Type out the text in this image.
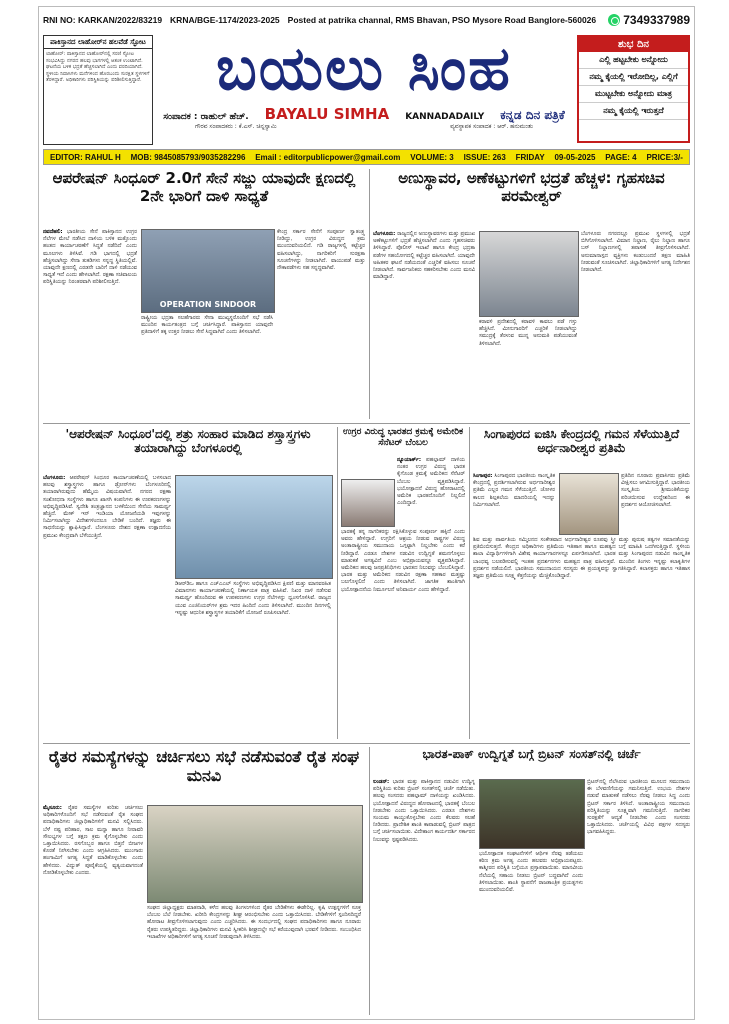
RNI NO: KARKAN/2022/83219 KRNA/BGE-1174/2023-2025 Posted at patrika channal, RMS Bhavan, PSO Mysore Road Banglore-560026 7349337989
ಪಾಕಿಸ್ತಾನದ ಲಾಹೋರ್‌ನ ಹಲವೆಡೆ ಸ್ಫೋಟ
ಲಾಹೋರ್: ಪಾಕಿಸ್ತಾನದ ಲಾಹೋರ್‌ನಲ್ಲಿ ಸರಣಿ ಸ್ಫೋಟ ಸಂಭವಿಸಿದ್ದು ನಗರದ ಹಲವು ಭಾಗಗಳಲ್ಲಿ ಆತಂಕ ಉಂಟಾಗಿದೆ. ಘಟನೆಯ ಬಳಿಕ ಭದ್ರತೆ ಹೆಚ್ಚಿಸಲಾಗಿದೆ ಎಂದು ವರದಿಯಾಗಿದೆ. ಸ್ಥಳೀಯ ನಿವಾಸಿಗಳು ಮನೆಗಳಿಂದ ಹೊರಬಂದು ಸುರಕ್ಷಿತ ಸ್ಥಳಗಳಿಗೆ ತೆರಳಿದ್ದಾರೆ. ಅಧಿಕಾರಿಗಳು ಪರಿಸ್ಥಿತಿಯನ್ನು ಪರಿಶೀಲಿಸುತ್ತಿದ್ದಾರೆ.	ಬಯಲು ಸಿಂಹ
ಸಂಪಾದಕ : ರಾಹುಲ್ ಹೆಚ್. BAYALU SIMHA KANNADADAILY ಕನ್ನಡ ದಿನ ಪತ್ರಿಕೆ
ಗೌರವ ಸಂಪಾದಕರು : ಕೆ.ಎಸ್. ಚಿನ್ನಸ್ವಾಮಿ	ವ್ಯವಸ್ಥಾಪಕ ಸಂಪಾದಕ : ಆರ್. ಹನುಮಂತು
ಶುಭ ದಿನ
ಎಲ್ಲಿ ಹಟ್ಟಬೇಕು ಅನ್ನೋದು
ನಮ್ಮ ಕೈಯಲ್ಲಿ ಇರೋದಿಲ್ಲ, ಎಲ್ಲಿಗೆ
ಮುಟ್ಟಬೇಕು ಅನ್ನೋದು ಮಾತ್ರ
ನಮ್ಮ ಕೈಯಲ್ಲಿ ಇರುತ್ತದೆ
EDITOR: RAHUL H MOB: 9845085793/9035282296 Email : editorpublicpower@gmail.com VOLUME: 3 ISSUE: 263 FRIDAY 09-05-2025 PAGE: 4 PRICE:3/-
ಆಪರೇಷನ್ ಸಿಂಧೂರ್ 2.0ಗೆ ಸೇನೆ ಸಜ್ಜು ಯಾವುದೇ ಕ್ಷಣದಲ್ಲಿ 2ನೇ ಭಾರಿಗೆ ದಾಳಿ ಸಾಧ್ಯತೆ
OPERATION SINDOOR
ನವದೆಹಲಿ: ಭಾರತೀಯ ಸೇನೆ ಪಾಕಿಸ್ತಾನದ ಉಗ್ರರ ನೆಲೆಗಳ ಮೇಲೆ ನಡೆಸಿದ ದಾಳಿಯ ಬಳಿಕ ಮತ್ತೊಂದು ಹಂತದ ಕಾರ್ಯಾಚರಣೆಗೆ ಸಿದ್ಧತೆ ನಡೆದಿದೆ ಎಂದು ಮೂಲಗಳು ತಿಳಿಸಿವೆ. ಗಡಿ ಭಾಗದಲ್ಲಿ ಭದ್ರತೆ ಹೆಚ್ಚಿಸಲಾಗಿದ್ದು ಸೇನಾ ತುಕಡಿಗಳು ಸನ್ನದ್ಧ ಸ್ಥಿತಿಯಲ್ಲಿವೆ. ಯಾವುದೇ ಕ್ಷಣದಲ್ಲಿ ಎರಡನೇ ಬಾರಿಗೆ ದಾಳಿ ನಡೆಯುವ ಸಾಧ್ಯತೆ ಇದೆ ಎಂದು ಹೇಳಲಾಗಿದೆ. ರಕ್ಷಣಾ ಸಚಿವಾಲಯ ಪರಿಸ್ಥಿತಿಯನ್ನು ನಿರಂತರವಾಗಿ ಪರಿಶೀಲಿಸುತ್ತಿದೆ.
ಕೇಂದ್ರ ಸರ್ಕಾರ ಸೇನೆಗೆ ಸಂಪೂರ್ಣ ಸ್ವಾತಂತ್ರ್ಯ ನೀಡಿದ್ದು, ಉಗ್ರರ ವಿರುದ್ಧದ ಕ್ರಮ ಮುಂದುವರಿಯಲಿದೆ. ಗಡಿ ರಾಜ್ಯಗಳಲ್ಲಿ ಕಟ್ಟೆಚ್ಚರ ವಹಿಸಲಾಗಿದ್ದು, ನಾಗರಿಕರಿಗೆ ಸುರಕ್ಷತಾ ಸೂಚನೆಗಳನ್ನು ನೀಡಲಾಗಿದೆ. ವಾಯುಪಡೆ ಮತ್ತು ನೌಕಾಪಡೆಗಳು ಸಹ ಸನ್ನದ್ಧವಾಗಿವೆ.
ರಾಷ್ಟ್ರೀಯ ಭದ್ರತಾ ಸಲಹೆಗಾರರು ಸೇನಾ ಮುಖ್ಯಸ್ಥರೊಂದಿಗೆ ಸಭೆ ನಡೆಸಿ ಮುಂದಿನ ಕಾರ್ಯತಂತ್ರದ ಬಗ್ಗೆ ಚರ್ಚಿಸಿದ್ದಾರೆ. ಪಾಕಿಸ್ತಾನದ ಯಾವುದೇ ಪ್ರತಿದಾಳಿಗೆ ತಕ್ಕ ಉತ್ತರ ನೀಡಲು ಸೇನೆ ಸಿದ್ಧವಾಗಿದೆ ಎಂದು ತಿಳಿಸಲಾಗಿದೆ.
ಅಣುಸ್ಥಾವರ, ಅಣೆಕಟ್ಟುಗಳಿಗೆ ಭದ್ರತೆ ಹೆಚ್ಚಳ: ಗೃಹಸಚಿವ ಪರಮೇಶ್ವರ್
ಬೆಂಗಳೂರು: ರಾಜ್ಯದಲ್ಲಿನ ಅಣುಸ್ಥಾವರಗಳು ಮತ್ತು ಪ್ರಮುಖ ಅಣೆಕಟ್ಟುಗಳಿಗೆ ಭದ್ರತೆ ಹೆಚ್ಚಿಸಲಾಗಿದೆ ಎಂದು ಗೃಹಸಚಿವರು ತಿಳಿಸಿದ್ದಾರೆ. ಪೊಲೀಸ್ ಇಲಾಖೆ ಹಾಗೂ ಕೇಂದ್ರ ಭದ್ರತಾ ಪಡೆಗಳ ಸಹಯೋಗದಲ್ಲಿ ಕಟ್ಟೆಚ್ಚರ ವಹಿಸಲಾಗಿದೆ. ಯಾವುದೇ ಅಹಿತಕರ ಘಟನೆ ನಡೆಯದಂತೆ ಎಚ್ಚರಿಕೆ ವಹಿಸಲು ಸೂಚನೆ ನೀಡಲಾಗಿದೆ. ಸಾರ್ವಜನಿಕರು ಸಹಕರಿಸಬೇಕು ಎಂದು ಮನವಿ ಮಾಡಿದ್ದಾರೆ.
ಬೆಂಗಳೂರು ನಗರದಲ್ಲೂ ಪ್ರಮುಖ ಸ್ಥಳಗಳಲ್ಲಿ ಭದ್ರತೆ ಬಿಗಿಗೊಳಿಸಲಾಗಿದೆ. ವಿಮಾನ ನಿಲ್ದಾಣ, ರೈಲು ನಿಲ್ದಾಣ ಹಾಗೂ ಬಸ್ ನಿಲ್ದಾಣಗಳಲ್ಲಿ ತಪಾಸಣೆ ತೀವ್ರಗೊಳಿಸಲಾಗಿದೆ. ಅನುಮಾನಾಸ್ಪದ ವ್ಯಕ್ತಿಗಳು ಕಂಡುಬಂದರೆ ತಕ್ಷಣ ಮಾಹಿತಿ ನೀಡುವಂತೆ ಸೂಚಿಸಲಾಗಿದೆ. ಜಿಲ್ಲಾಧಿಕಾರಿಗಳಿಗೆ ಅಗತ್ಯ ನಿರ್ದೇಶನ ನೀಡಲಾಗಿದೆ.
ಕರಾವಳಿ ಪ್ರದೇಶದಲ್ಲಿ ಕರಾವಳಿ ಕಾವಲು ಪಡೆ ಗಸ್ತು ಹೆಚ್ಚಿಸಿದೆ. ಮೀನುಗಾರರಿಗೆ ಎಚ್ಚರಿಕೆ ನೀಡಲಾಗಿದ್ದು ಸಮುದ್ರಕ್ಕೆ ತೆರಳುವ ಮುನ್ನ ಅನುಮತಿ ಪಡೆಯುವಂತೆ ತಿಳಿಸಲಾಗಿದೆ.
'ಆಪರೇಷನ್ ಸಿಂಧೂರ'ದಲ್ಲಿ ಶತ್ರು ಸಂಹಾರ ಮಾಡಿದ ಶಸ್ತ್ರಾಸ್ತ್ರಗಳು ತಯಾರಾಗಿದ್ದು ಬೆಂಗಳೂರಲ್ಲಿ
ಬೆಂಗಳೂರು: ಆಪರೇಷನ್ ಸಿಂಧೂರ ಕಾರ್ಯಾಚರಣೆಯಲ್ಲಿ ಬಳಸಲಾದ ಹಲವು ಶಸ್ತ್ರಾಸ್ತ್ರಗಳು ಹಾಗೂ ಡ್ರೋನ್‌ಗಳು ಬೆಂಗಳೂರಿನಲ್ಲಿ ತಯಾರಾಗಿರುವುದು ಹೆಮ್ಮೆಯ ವಿಷಯವಾಗಿದೆ. ನಗರದ ರಕ್ಷಣಾ ಸಂಶೋಧನಾ ಸಂಸ್ಥೆಗಳು ಹಾಗೂ ಖಾಸಗಿ ಕಂಪನಿಗಳು ಈ ಉಪಕರಣಗಳನ್ನು ಅಭಿವೃದ್ಧಿಪಡಿಸಿವೆ. ಸ್ವದೇಶಿ ತಂತ್ರಜ್ಞಾನದ ಬಳಕೆಯಿಂದ ಸೇನೆಯ ಸಾಮರ್ಥ್ಯ ಹೆಚ್ಚಿದೆ. ಮೇಕ್ ಇನ್ ಇಂಡಿಯಾ ಯೋಜನೆಯಡಿ ಇವುಗಳನ್ನು ನಿರ್ಮಿಸಲಾಗಿದ್ದು ವಿದೇಶಗಳಿಂದಲೂ ಬೇಡಿಕೆ ಬಂದಿದೆ. ತಜ್ಞರು ಈ ಸಾಧನೆಯನ್ನು ಶ್ಲಾಘಿಸಿದ್ದಾರೆ. ಬೆಂಗಳೂರು ದೇಶದ ರಕ್ಷಣಾ ಉತ್ಪಾದನೆಯ ಪ್ರಮುಖ ಕೇಂದ್ರವಾಗಿ ಬೆಳೆಯುತ್ತಿದೆ.
ಡಿಆರ್‌ಡಿಒ ಹಾಗೂ ಎಚ್‌ಎಎಲ್ ಸಂಸ್ಥೆಗಳು ಅಭಿವೃದ್ಧಿಪಡಿಸಿದ ಕ್ಷಿಪಣಿ ಮತ್ತು ಮಾನವರಹಿತ ವಿಮಾನಗಳು ಕಾರ್ಯಾಚರಣೆಯಲ್ಲಿ ನಿರ್ಣಾಯಕ ಪಾತ್ರ ವಹಿಸಿವೆ. ನಿಖರ ದಾಳಿ ನಡೆಸುವ ಸಾಮರ್ಥ್ಯ ಹೊಂದಿರುವ ಈ ಉಪಕರಣಗಳು ಉಗ್ರರ ನೆಲೆಗಳನ್ನು ಧ್ವಂಸಗೊಳಿಸಿವೆ. ರಾಜ್ಯದ ಯುವ ಎಂಜಿನಿಯರ್‌ಗಳ ಶ್ರಮ ಇದರ ಹಿಂದಿದೆ ಎಂದು ತಿಳಿಸಲಾಗಿದೆ. ಮುಂದಿನ ದಿನಗಳಲ್ಲಿ ಇನ್ನಷ್ಟು ಆಧುನಿಕ ಶಸ್ತ್ರಾಸ್ತ್ರಗಳ ತಯಾರಿಕೆಗೆ ಯೋಜನೆ ರೂಪಿಸಲಾಗಿದೆ.
ಉಗ್ರರ ವಿರುದ್ಧ ಭಾರತದ ಕ್ರಮಕ್ಕೆ ಅಮೇರಿಕ ಸೆನೆಟರ್ ಬೆಂಬಲ
ನ್ಯೂಯಾರ್ಕ್: ಪಹಲ್ಗಾಮ್ ದಾಳಿಯ ನಂತರ ಉಗ್ರರ ವಿರುದ್ಧ ಭಾರತ ಕೈಗೊಂಡ ಕ್ರಮಕ್ಕೆ ಅಮೆರಿಕದ ಸೆನೆಟರ್ ಬೆಂಬಲ ವ್ಯಕ್ತಪಡಿಸಿದ್ದಾರೆ. ಭಯೋತ್ಪಾದನೆ ವಿರುದ್ಧ ಹೋರಾಟದಲ್ಲಿ ಅಮೆರಿಕ ಭಾರತದೊಂದಿಗೆ ನಿಲ್ಲಲಿದೆ ಎಂದಿದ್ದಾರೆ.
ಭಾರತಕ್ಕೆ ತನ್ನ ನಾಗರಿಕರನ್ನು ರಕ್ಷಿಸಿಕೊಳ್ಳುವ ಸಂಪೂರ್ಣ ಹಕ್ಕಿದೆ ಎಂದು ಅವರು ಹೇಳಿದ್ದಾರೆ. ಉಗ್ರರಿಗೆ ಆಶ್ರಯ ನೀಡುವ ರಾಷ್ಟ್ರಗಳ ವಿರುದ್ಧ ಅಂತಾರಾಷ್ಟ್ರೀಯ ಸಮುದಾಯ ಒಗ್ಗಟ್ಟಾಗಿ ನಿಲ್ಲಬೇಕು ಎಂದು ಕರೆ ನೀಡಿದ್ದಾರೆ. ಎರಡೂ ದೇಶಗಳ ನಡುವಿನ ಉದ್ವಿಗ್ನತೆ ಶಮನಗೊಳ್ಳಲು ಮಾತುಕತೆ ಅಗತ್ಯವಿದೆ ಎಂಬ ಅಭಿಪ್ರಾಯವನ್ನೂ ವ್ಯಕ್ತಪಡಿಸಿದ್ದಾರೆ. ಅಮೆರಿಕದ ಹಲವು ಜನಪ್ರತಿನಿಧಿಗಳು ಭಾರತದ ನಿಲುವನ್ನು ಬೆಂಬಲಿಸಿದ್ದಾರೆ. ಭಾರತ ಮತ್ತು ಅಮೆರಿಕದ ನಡುವಿನ ರಕ್ಷಣಾ ಸಹಕಾರ ಮತ್ತಷ್ಟು ಬಲಗೊಳ್ಳಲಿದೆ ಎಂದು ತಿಳಿಸಲಾಗಿದೆ. ಜಾಗತಿಕ ಶಾಂತಿಗಾಗಿ ಭಯೋತ್ಪಾದನೆಯ ನಿರ್ಮೂಲನೆ ಅನಿವಾರ್ಯ ಎಂದು ಹೇಳಿದ್ದಾರೆ.
ಸಿಂಗಾಪುರದ ಐಜಿಸಿ ಕೇಂದ್ರದಲ್ಲಿ ಗಮನ ಸೆಳೆಯುತ್ತಿದೆ ಅರ್ಧನಾರೀಶ್ವರ ಪ್ರತಿಮೆ
ಸಿಂಗಾಪುರ: ಸಿಂಗಾಪುರದ ಭಾರತೀಯ ಸಾಂಸ್ಕೃತಿಕ ಕೇಂದ್ರದಲ್ಲಿ ಪ್ರದರ್ಶಿಸಲಾಗಿರುವ ಅರ್ಧನಾರೀಶ್ವರ ಪ್ರತಿಮೆ ಎಲ್ಲರ ಗಮನ ಸೆಳೆಯುತ್ತಿದೆ. ಚೋಳರ ಕಾಲದ ಶಿಲ್ಪಕಲೆಯ ಮಾದರಿಯಲ್ಲಿ ಇದನ್ನು ನಿರ್ಮಿಸಲಾಗಿದೆ.
ಪ್ರತಿದಿನ ನೂರಾರು ಪ್ರವಾಸಿಗರು ಪ್ರತಿಮೆ ವೀಕ್ಷಿಸಲು ಆಗಮಿಸುತ್ತಿದ್ದಾರೆ. ಭಾರತೀಯ ಸಂಸ್ಕೃತಿಯ ಶ್ರೀಮಂತಿಕೆಯನ್ನು ಪರಿಚಯಿಸುವ ಉದ್ದೇಶದಿಂದ ಈ ಪ್ರದರ್ಶನ ಆಯೋಜಿಸಲಾಗಿದೆ.
ಶಿವ ಮತ್ತು ಪಾರ್ವತಿಯ ಸಮ್ಮಿಲನದ ಸಂಕೇತವಾದ ಅರ್ಧನಾರೀಶ್ವರ ರೂಪವು ಸ್ತ್ರೀ ಮತ್ತು ಪುರುಷ ತತ್ವಗಳ ಸಮಾನತೆಯನ್ನು ಪ್ರತಿಬಿಂಬಿಸುತ್ತದೆ. ಕೇಂದ್ರದ ಅಧಿಕಾರಿಗಳು ಪ್ರತಿಮೆಯ ಇತಿಹಾಸ ಹಾಗೂ ಮಹತ್ವದ ಬಗ್ಗೆ ಮಾಹಿತಿ ಒದಗಿಸುತ್ತಿದ್ದಾರೆ. ಸ್ಥಳೀಯ ಶಾಲಾ ವಿದ್ಯಾರ್ಥಿಗಳಿಗಾಗಿ ವಿಶೇಷ ಕಾರ್ಯಾಗಾರಗಳನ್ನೂ ಏರ್ಪಡಿಸಲಾಗಿದೆ. ಭಾರತ ಮತ್ತು ಸಿಂಗಾಪುರದ ನಡುವಿನ ಸಾಂಸ್ಕೃತಿಕ ಬಾಂಧವ್ಯ ಬಲಪಡಿಸುವಲ್ಲಿ ಇಂತಹ ಪ್ರದರ್ಶನಗಳು ಮಹತ್ವದ ಪಾತ್ರ ವಹಿಸುತ್ತವೆ. ಮುಂದಿನ ತಿಂಗಳು ಇನ್ನಷ್ಟು ಕಲಾಕೃತಿಗಳ ಪ್ರದರ್ಶನ ನಡೆಯಲಿದೆ. ಭಾರತೀಯ ಸಮುದಾಯದ ಸದಸ್ಯರು ಈ ಪ್ರಯತ್ನವನ್ನು ಸ್ವಾಗತಿಸಿದ್ದಾರೆ. ಕಲಾಸಕ್ತರು ಹಾಗೂ ಇತಿಹಾಸ ತಜ್ಞರು ಪ್ರತಿಮೆಯ ಸೂಕ್ಷ್ಮ ಕೆತ್ತನೆಯನ್ನು ಮೆಚ್ಚಿಕೊಂಡಿದ್ದಾರೆ.
ರೈತರ ಸಮಸ್ಯೆಗಳನ್ನು ಚರ್ಚಿಸಲು ಸಭೆ ನಡೆಸುವಂತೆ ರೈತ ಸಂಘ ಮನವಿ
ಮೈಸೂರು: ರೈತರ ಸಮಸ್ಯೆಗಳ ಕುರಿತು ಚರ್ಚಿಸಲು ಅಧಿಕಾರಿಗಳೊಂದಿಗೆ ಸಭೆ ನಡೆಸುವಂತೆ ರೈತ ಸಂಘದ ಪದಾಧಿಕಾರಿಗಳು ಜಿಲ್ಲಾಧಿಕಾರಿಗಳಿಗೆ ಮನವಿ ಸಲ್ಲಿಸಿದರು. ಬೆಳೆ ನಷ್ಟ ಪರಿಹಾರ, ಸಾಲ ಮನ್ನಾ ಹಾಗೂ ನೀರಾವರಿ ಸೌಲಭ್ಯಗಳ ಬಗ್ಗೆ ತಕ್ಷಣ ಕ್ರಮ ಕೈಗೊಳ್ಳಬೇಕು ಎಂದು ಒತ್ತಾಯಿಸಿದರು. ರಸಗೊಬ್ಬರ ಹಾಗೂ ಬಿತ್ತನೆ ಬೀಜಗಳ ಕೊರತೆ ನೀಗಿಸಬೇಕು ಎಂದು ಆಗ್ರಹಿಸಿದರು. ಮುಂಗಾರು ಹಂಗಾಮಿಗೆ ಅಗತ್ಯ ಸಿದ್ಧತೆ ಮಾಡಿಕೊಳ್ಳಬೇಕು ಎಂದು ಹೇಳಿದರು. ವಿದ್ಯುತ್ ಪೂರೈಕೆಯಲ್ಲಿ ವ್ಯತ್ಯಯವಾಗದಂತೆ ನೋಡಿಕೊಳ್ಳಬೇಕು ಎಂದರು.
ಸಂಘದ ಜಿಲ್ಲಾಧ್ಯಕ್ಷರು ಮಾತನಾಡಿ, ಕಳೆದ ಹಲವು ತಿಂಗಳುಗಳಿಂದ ರೈತರ ಬೇಡಿಕೆಗಳು ಈಡೇರಿಲ್ಲ. ಕೃಷಿ ಉತ್ಪನ್ನಗಳಿಗೆ ಸೂಕ್ತ ಬೆಂಬಲ ಬೆಲೆ ನೀಡಬೇಕು. ಖರೀದಿ ಕೇಂದ್ರಗಳನ್ನು ಶೀಘ್ರ ಆರಂಭಿಸಬೇಕು ಎಂದು ಒತ್ತಾಯಿಸಿದರು. ಬೇಡಿಕೆಗಳಿಗೆ ಸ್ಪಂದಿಸದಿದ್ದರೆ ಹೋರಾಟ ತೀವ್ರಗೊಳಿಸಲಾಗುವುದು ಎಂದು ಎಚ್ಚರಿಸಿದರು. ಈ ಸಂದರ್ಭದಲ್ಲಿ ಸಂಘದ ಪದಾಧಿಕಾರಿಗಳು ಹಾಗೂ ನೂರಾರು ರೈತರು ಉಪಸ್ಥಿತರಿದ್ದರು. ಜಿಲ್ಲಾಧಿಕಾರಿಗಳು ಮನವಿ ಸ್ವೀಕರಿಸಿ ಶೀಘ್ರದಲ್ಲೇ ಸಭೆ ಕರೆಯುವುದಾಗಿ ಭರವಸೆ ನೀಡಿದರು. ಸಂಬಂಧಿಸಿದ ಇಲಾಖೆಗಳ ಅಧಿಕಾರಿಗಳಿಗೆ ಅಗತ್ಯ ಸೂಚನೆ ನೀಡುವುದಾಗಿ ತಿಳಿಸಿದರು.
ಭಾರತ-ಪಾಕ್ ಉದ್ವಿಗ್ನತೆ ಬಗ್ಗೆ ಬ್ರಿಟನ್ ಸಂಸತ್‌ನಲ್ಲಿ ಚರ್ಚೆ
ಲಂಡನ್: ಭಾರತ ಮತ್ತು ಪಾಕಿಸ್ತಾನದ ನಡುವಿನ ಉದ್ವಿಗ್ನ ಪರಿಸ್ಥಿತಿಯ ಕುರಿತು ಬ್ರಿಟನ್ ಸಂಸತ್‌ನಲ್ಲಿ ಚರ್ಚೆ ನಡೆಯಿತು. ಹಲವು ಸಂಸದರು ಪಹಲ್ಗಾಮ್ ದಾಳಿಯನ್ನು ಖಂಡಿಸಿದರು. ಭಯೋತ್ಪಾದನೆ ವಿರುದ್ಧದ ಹೋರಾಟದಲ್ಲಿ ಭಾರತಕ್ಕೆ ಬೆಂಬಲ ನೀಡಬೇಕು ಎಂದು ಒತ್ತಾಯಿಸಿದರು. ಎರಡೂ ದೇಶಗಳು ಸಂಯಮ ಕಾಯ್ದುಕೊಳ್ಳಬೇಕು ಎಂದು ಕೆಲವರು ಸಲಹೆ ನೀಡಿದರು. ಪ್ರಾದೇಶಿಕ ಶಾಂತಿ ಕಾಪಾಡುವಲ್ಲಿ ಬ್ರಿಟನ್ ಪಾತ್ರದ ಬಗ್ಗೆ ಚರ್ಚಿಸಲಾಯಿತು. ವಿದೇಶಾಂಗ ಕಾರ್ಯದರ್ಶಿ ಸರ್ಕಾರದ ನಿಲುವನ್ನು ಸ್ಪಷ್ಟಪಡಿಸಿದರು.
ಬ್ರಿಟನ್‌ನಲ್ಲಿ ನೆಲೆಸಿರುವ ಭಾರತೀಯ ಮೂಲದ ಸಮುದಾಯ ಈ ಬೆಳವಣಿಗೆಯನ್ನು ಗಮನಿಸುತ್ತಿದೆ. ಉಭಯ ದೇಶಗಳ ನಡುವೆ ಮಾತುಕತೆ ನಡೆಸಲು ನೆರವು ನೀಡಲು ಸಿದ್ಧ ಎಂದು ಬ್ರಿಟನ್ ಸರ್ಕಾರ ತಿಳಿಸಿದೆ. ಅಂತಾರಾಷ್ಟ್ರೀಯ ಸಮುದಾಯ ಪರಿಸ್ಥಿತಿಯನ್ನು ಸೂಕ್ಷ್ಮವಾಗಿ ಗಮನಿಸುತ್ತಿದೆ. ನಾಗರಿಕರ ಸುರಕ್ಷತೆಗೆ ಆದ್ಯತೆ ನೀಡಬೇಕು ಎಂದು ಸಂಸದರು ಒತ್ತಾಯಿಸಿದರು. ಚರ್ಚೆಯಲ್ಲಿ ವಿವಿಧ ಪಕ್ಷಗಳ ಸದಸ್ಯರು ಭಾಗವಹಿಸಿದ್ದರು.
ಭಯೋತ್ಪಾದಕ ಸಂಘಟನೆಗಳಿಗೆ ಆರ್ಥಿಕ ನೆರವು ತಡೆಯಲು ಕಠಿಣ ಕ್ರಮ ಅಗತ್ಯ ಎಂದು ಹಲವರು ಅಭಿಪ್ರಾಯಪಟ್ಟರು. ಕಾಶ್ಮೀರದ ಪರಿಸ್ಥಿತಿ ಬಗ್ಗೆಯೂ ಪ್ರಸ್ತಾಪವಾಯಿತು. ಮಾನವೀಯ ನೆಲೆಯಲ್ಲಿ ಸಹಾಯ ನೀಡಲು ಬ್ರಿಟನ್ ಬದ್ಧವಾಗಿದೆ ಎಂದು ತಿಳಿಸಲಾಯಿತು. ಶಾಂತಿ ಸ್ಥಾಪನೆಗೆ ರಾಜತಾಂತ್ರಿಕ ಪ್ರಯತ್ನಗಳು ಮುಂದುವರಿಯಲಿವೆ.
